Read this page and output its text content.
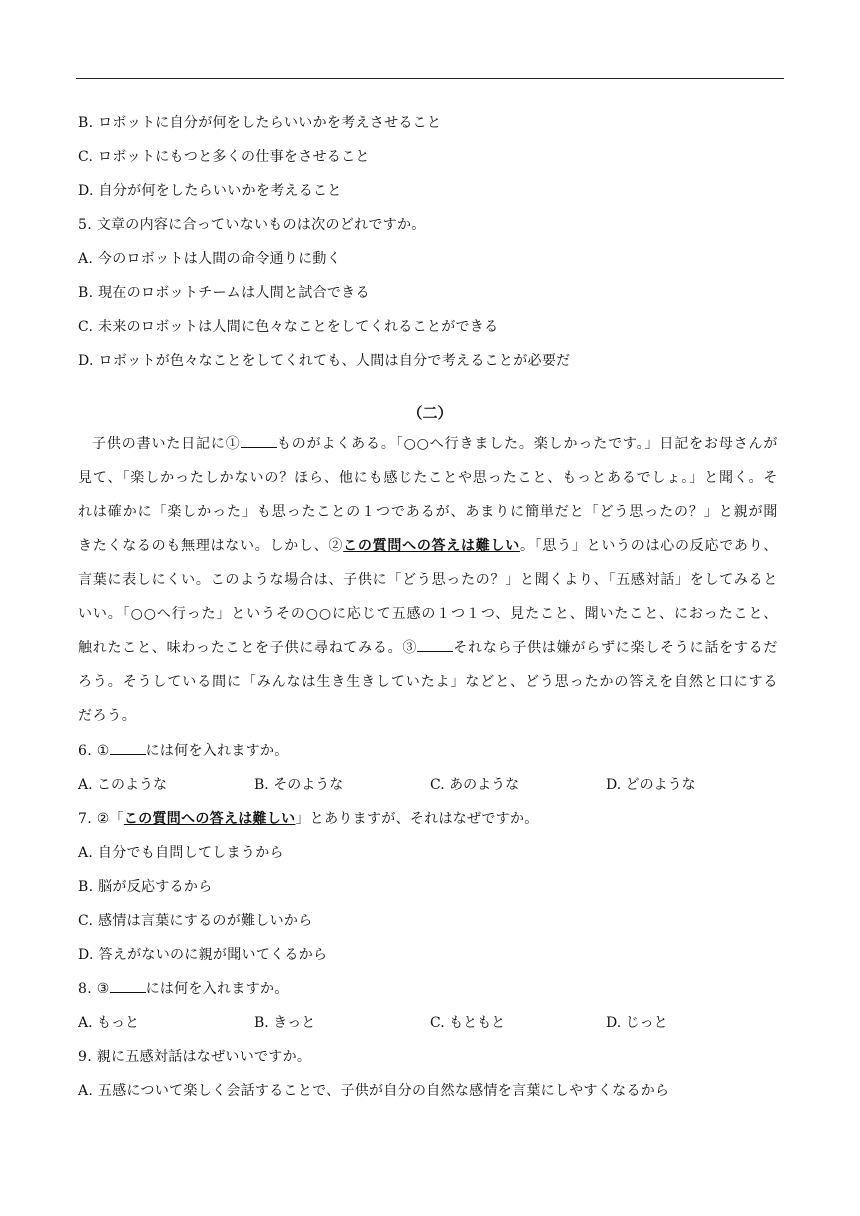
B. ロボットに自分が何をしたらいいかを考えさせること
C. ロボットにもつと多くの仕事をさせること
D. 自分が何をしたらいいかを考えること
5. 文章の内容に合っていないものは次のどれですか。
A. 今のロボットは人間の命令通りに動く
B. 現在のロボットチームは人間と試合できる
C. 未来のロボットは人間に色々なことをしてくれることができる
D. ロボットが色々なことをしてくれても、人間は自分で考えることが必要だ
（二）

子供の書いた日記に①	ものがよくある。「○○へ行きました。楽しかったです。」日記をお母さんが見て、「楽しかったしかないの？ほら、他にも感じたことや思ったこと、もっとあるでしょ。」と聞く。それは確かに「楽しかった」も思ったことの１つであるが、あまりに簡単だと「どう思ったの？」と親が聞きたくなるのも無理はない。しかし、②この質問への答えは難しい。「思う」というのは心の反応であり、言葉に表しにくい。このような場合は、子供に「どう思ったの？」と聞くより、「五感対話」をしてみるといい。「○○へ行った」というその○○に応じて五感の１つ１つ、見たこと、聞いたこと、におったこと、触れたこと、味わったことを子供に尋ねてみる。③	それなら子供は嫌がらずに楽しそうに話をするだろう。そうしている間に「みんなは生き生きしていたよ」などと、どう思ったかの答えを自然と口にするだろう。

6. ①	には何を入れますか。
A. このような	B. そのような	C. あのような	D. どのような
7. ②「この質問への答えは難しい」とありますが、それはなぜですか。
A. 自分でも自問してしまうから
B. 脳が反応するから
C. 感情は言葉にするのが難しいから
D. 答えがないのに親が聞いてくるから
8. ③	には何を入れますか。
A. もっと	B. きっと	C. もともと	D. じっと
9. 親に五感対話はなぜいいですか。
A. 五感について楽しく会話することで、子供が自分の自然な感情を言葉にしやすくなるから
